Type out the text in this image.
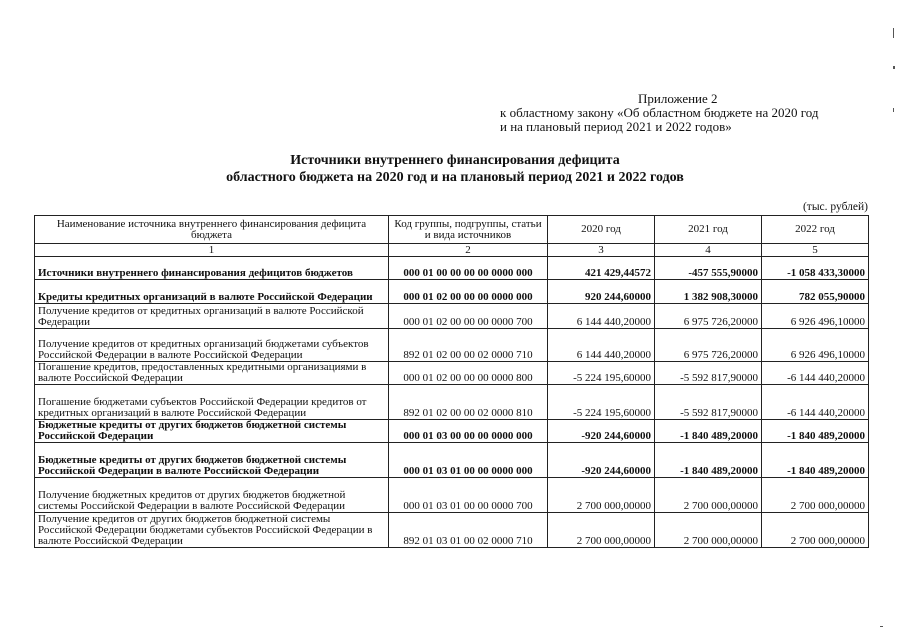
Приложение 2
к областному закону «Об областном бюджете на 2020 год
и на плановый период 2021 и 2022 годов»
Источники внутреннего финансирования дефицита
областного бюджета на 2020 год и на плановый период 2021 и 2022 годов
(тыс. рублей)
Наименование источника внутреннего финансирования дефицита бюджета	Код группы, подгруппы, статьи и вида источников	2020 год	2021 год	2022 год
1	2	3	4	5
Источники внутреннего финансирования дефицитов бюджетов	000 01 00 00 00 00 0000 000	421 429,44572	-457 555,90000	-1 058 433,30000
Кредиты кредитных организаций в валюте Российской Федерации	000 01 02 00 00 00 0000 000	920 244,60000	1 382 908,30000	782 055,90000
Получение кредитов от кредитных организаций в валюте Российской Федерации	000 01 02 00 00 00 0000 700	6 144 440,20000	6 975 726,20000	6 926 496,10000
Получение кредитов от кредитных организаций бюджетами субъектов Российской Федерации в валюте Российской Федерации	892 01 02 00 00 02 0000 710	6 144 440,20000	6 975 726,20000	6 926 496,10000
Погашение кредитов, предоставленных кредитными организациями в валюте Российской Федерации	000 01 02 00 00 00 0000 800	-5 224 195,60000	-5 592 817,90000	-6 144 440,20000
Погашение бюджетами субъектов Российской Федерации кредитов от кредитных организаций в валюте Российской Федерации	892 01 02 00 00 02 0000 810	-5 224 195,60000	-5 592 817,90000	-6 144 440,20000
Бюджетные кредиты от других бюджетов бюджетной системы Российской Федерации	000 01 03 00 00 00 0000 000	-920 244,60000	-1 840 489,20000	-1 840 489,20000
Бюджетные кредиты от других бюджетов бюджетной системы Российской Федерации в валюте Российской Федерации	000 01 03 01 00 00 0000 000	-920 244,60000	-1 840 489,20000	-1 840 489,20000
Получение бюджетных кредитов от других бюджетов бюджетной системы Российской Федерации в валюте Российской Федерации	000 01 03 01 00 00 0000 700	2 700 000,00000	2 700 000,00000	2 700 000,00000
Получение кредитов от других бюджетов бюджетной системы Российской Федерации бюджетами субъектов Российской Федерации в валюте Российской Федерации	892 01 03 01 00 02 0000 710	2 700 000,00000	2 700 000,00000	2 700 000,00000
